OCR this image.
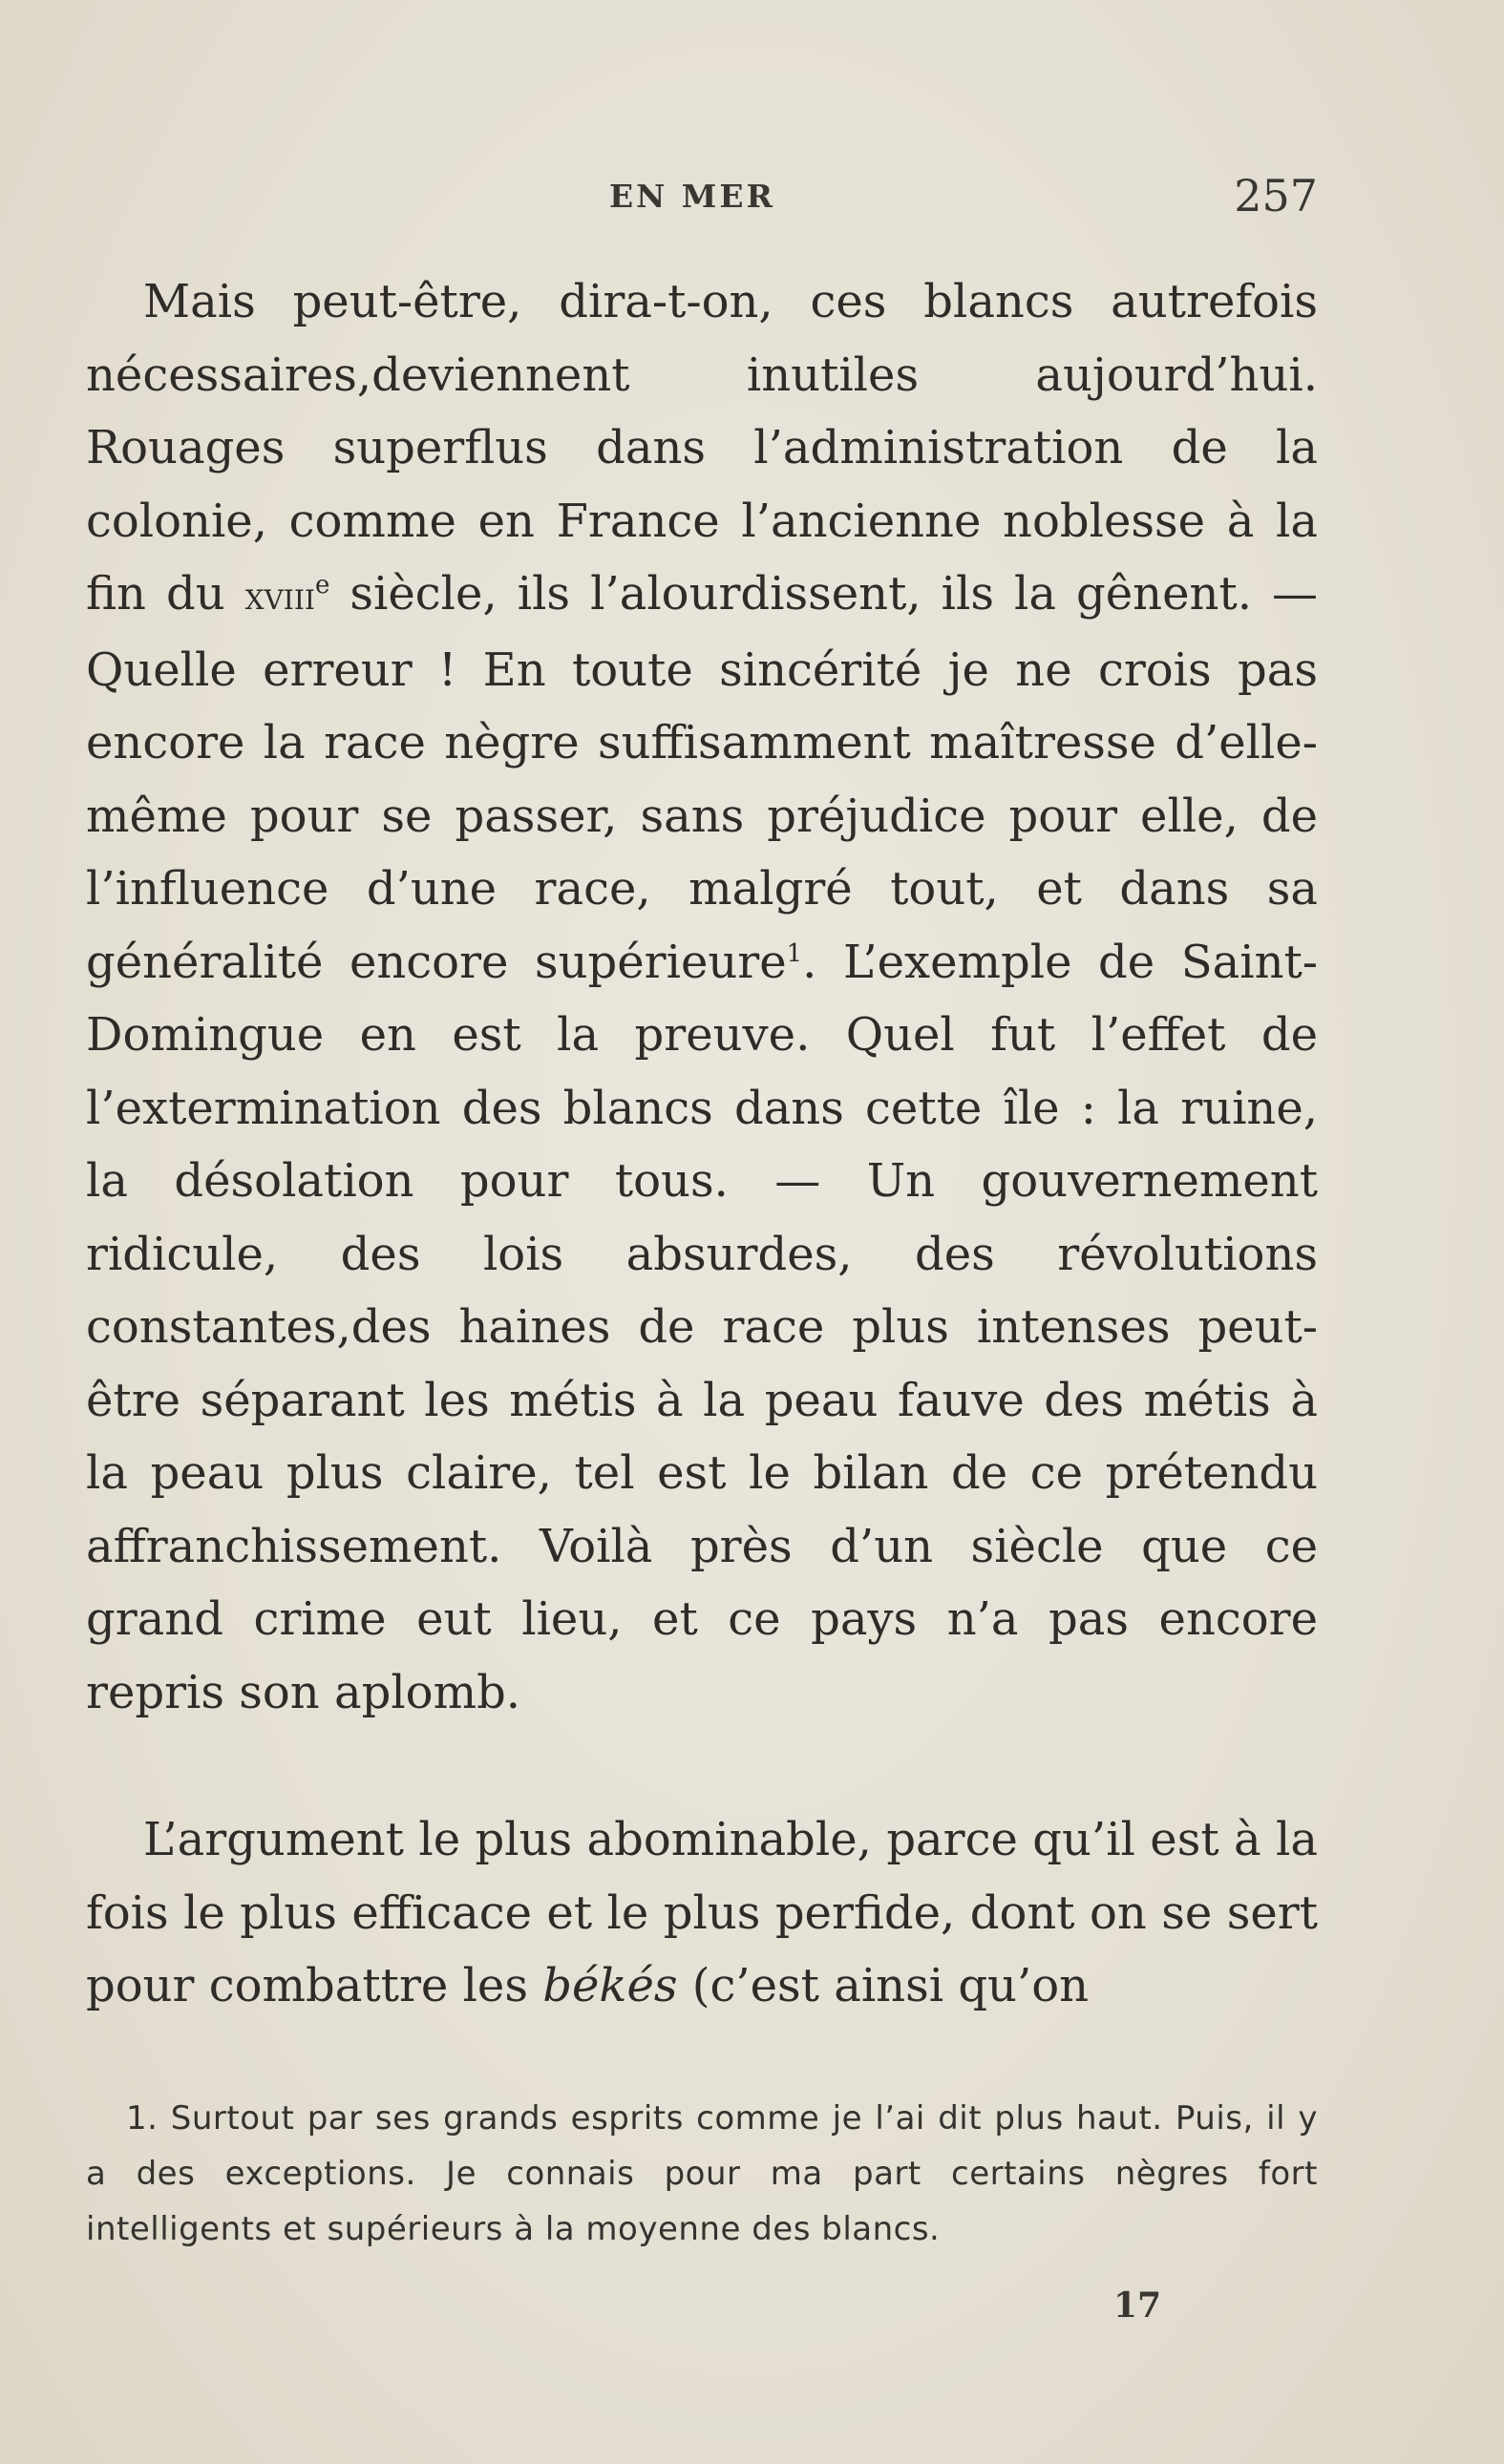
EN MER	257

Mais peut-être, dira-t-on, ces blancs autrefois nécessaires,deviennent inutiles aujourd’hui. Rouages superflus dans l’administration de la colonie, comme en France l’ancienne noblesse à la fin du xviii$^e$ siècle, ils l’alourdissent, ils la gênent. — Quelle erreur ! En toute sincérité je ne crois pas encore la race nègre suffisamment maîtresse d’elle-même pour se passer, sans préjudice pour elle, de l’influence d’une race, malgré tout, et dans sa généralité encore supérieure$^1$. L’exemple de Saint-Domingue en est la preuve. Quel fut l’effet de l’extermination des blancs dans cette île : la ruine, la désolation pour tous. — Un gouvernement ridicule, des lois absurdes, des révolutions constantes,des haines de race plus intenses peut-être séparant les métis à la peau fauve des métis à la peau plus claire, tel est le bilan de ce prétendu affranchissement. Voilà près d’un siècle que ce grand crime eut lieu, et ce pays n’a pas encore repris son aplomb.

L’argument le plus abominable, parce qu’il est à la fois le plus efficace et le plus perfide, dont on se sert pour combattre les békés (c’est ainsi qu’on

1. Surtout par ses grands esprits comme je l’ai dit plus haut. Puis, il y a des exceptions. Je connais pour ma part certains nègres fort intelligents et supérieurs à la moyenne des blancs.

17
